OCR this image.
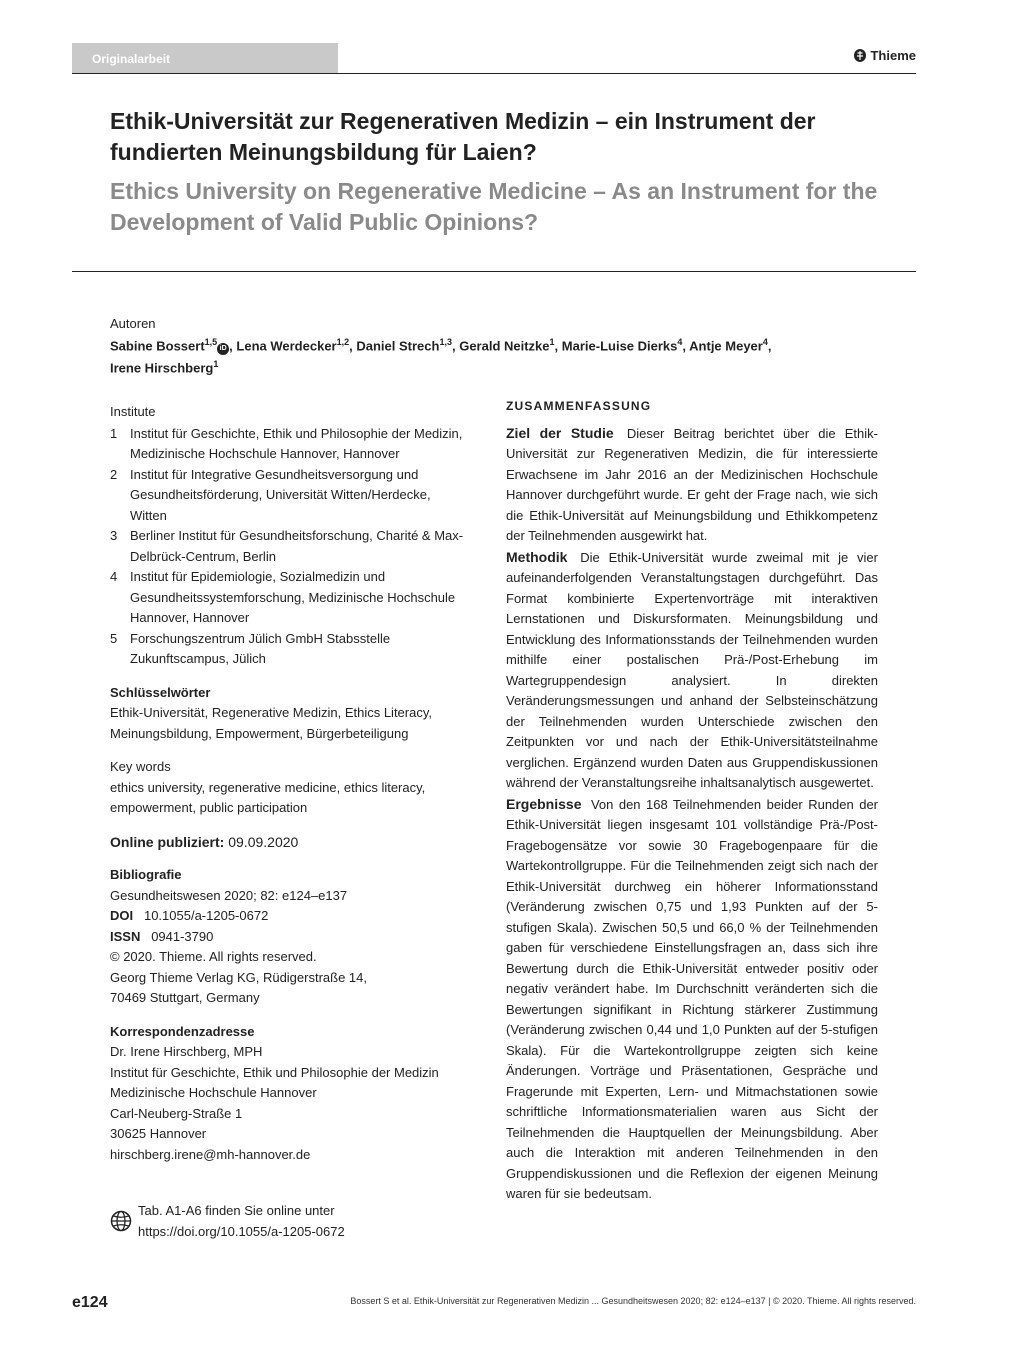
Originalarbeit	Thieme
Ethik-Universität zur Regenerativen Medizin – ein Instrument der fundierten Meinungsbildung für Laien?
Ethics University on Regenerative Medicine – As an Instrument for the Development of Valid Public Opinions?
Autoren
Sabine Bossert$^{1,5}$iD , Lena Werdecker$^{1,2}$, Daniel Strech$^{1,3}$, Gerald Neitzke$^1$, Marie-Luise Dierks$^4$, Antje Meyer$^4$,
Irene Hirschberg$^1$
Institute
1 Institut für Geschichte, Ethik und Philosophie der Medizin, Medizinische Hochschule Hannover, Hannover
2 Institut für Integrative Gesundheitsversorgung und Gesundheitsförderung, Universität Witten/Herdecke, Witten
3 Berliner Institut für Gesundheitsforschung, Charité & Max-Delbrück-Centrum, Berlin
4 Institut für Epidemiologie, Sozialmedizin und Gesundheitssystemforschung, Medizinische Hochschule Hannover, Hannover
5 Forschungszentrum Jülich GmbH Stabsstelle Zukunftscampus, Jülich
Schlüsselwörter
Ethik-Universität, Regenerative Medizin, Ethics Literacy, Meinungsbildung, Empowerment, Bürgerbeteiligung
Key words
ethics university, regenerative medicine, ethics literacy, empowerment, public participation
Online publiziert: 09.09.2020
Bibliografie
Gesundheitswesen 2020; 82: e124–e137
DOI 10.1055/a-1205-0672
ISSN 0941-3790
© 2020. Thieme. All rights reserved.
Georg Thieme Verlag KG, Rüdigerstraße 14,
70469 Stuttgart, Germany
Korrespondenzadresse
Dr. Irene Hirschberg, MPH
Institut für Geschichte, Ethik und Philosophie der Medizin
Medizinische Hochschule Hannover
Carl-Neuberg-Straße 1
30625 Hannover
hirschberg.irene@mh-hannover.de
Tab. A1-A6 finden Sie online unter https://doi.org/10.1055/a-1205-0672
ZUSAMMENFASSUNG

Ziel der Studie Dieser Beitrag berichtet über die Ethik-Universität zur Regenerativen Medizin, die für interessierte Erwachsene im Jahr 2016 an der Medizinischen Hochschule Hannover durchgeführt wurde. Er geht der Frage nach, wie sich die Ethik-Universität auf Meinungsbildung und Ethikkompetenz der Teilnehmenden ausgewirkt hat.

Methodik Die Ethik-Universität wurde zweimal mit je vier aufeinanderfolgenden Veranstaltungstagen durchgeführt. Das Format kombinierte Expertenvorträge mit interaktiven Lernstationen und Diskursformaten. Meinungsbildung und Entwicklung des Informationsstands der Teilnehmenden wurden mithilfe einer postalischen Prä-/Post-Erhebung im Wartegruppendesign analysiert. In direkten Veränderungsmessungen und anhand der Selbsteinschätzung der Teilnehmenden wurden Unterschiede zwischen den Zeitpunkten vor und nach der Ethik-Universitätsteilnahme verglichen. Ergänzend wurden Daten aus Gruppendiskussionen während der Veranstaltungsreihe inhaltsanalytisch ausgewertet.

Ergebnisse Von den 168 Teilnehmenden beider Runden der Ethik-Universität liegen insgesamt 101 vollständige Prä-/Post-Fragebogensätze vor sowie 30 Fragebogenpaare für die Wartekontrollgruppe. Für die Teilnehmenden zeigt sich nach der Ethik-Universität durchweg ein höherer Informationsstand (Veränderung zwischen 0,75 und 1,93 Punkten auf der 5-stufigen Skala). Zwischen 50,5 und 66,0 % der Teilnehmenden gaben für verschiedene Einstellungsfragen an, dass sich ihre Bewertung durch die Ethik-Universität entweder positiv oder negativ verändert habe. Im Durchschnitt veränderten sich die Bewertungen signifikant in Richtung stärkerer Zustimmung (Veränderung zwischen 0,44 und 1,0 Punkten auf der 5-stufigen Skala). Für die Wartekontrollgruppe zeigten sich keine Änderungen. Vorträge und Präsentationen, Gespräche und Fragerunde mit Experten, Lern- und Mitmachstationen sowie schriftliche Informationsmaterialien waren aus Sicht der Teilnehmenden die Hauptquellen der Meinungsbildung. Aber auch die Interaktion mit anderen Teilnehmenden in den Gruppendiskussionen und die Reflexion der eigenen Meinung waren für sie bedeutsam.

e124	Bossert S et al. Ethik-Universität zur Regenerativen Medizin ... Gesundheitswesen 2020; 82: e124–e137 | © 2020. Thieme. All rights reserved.
